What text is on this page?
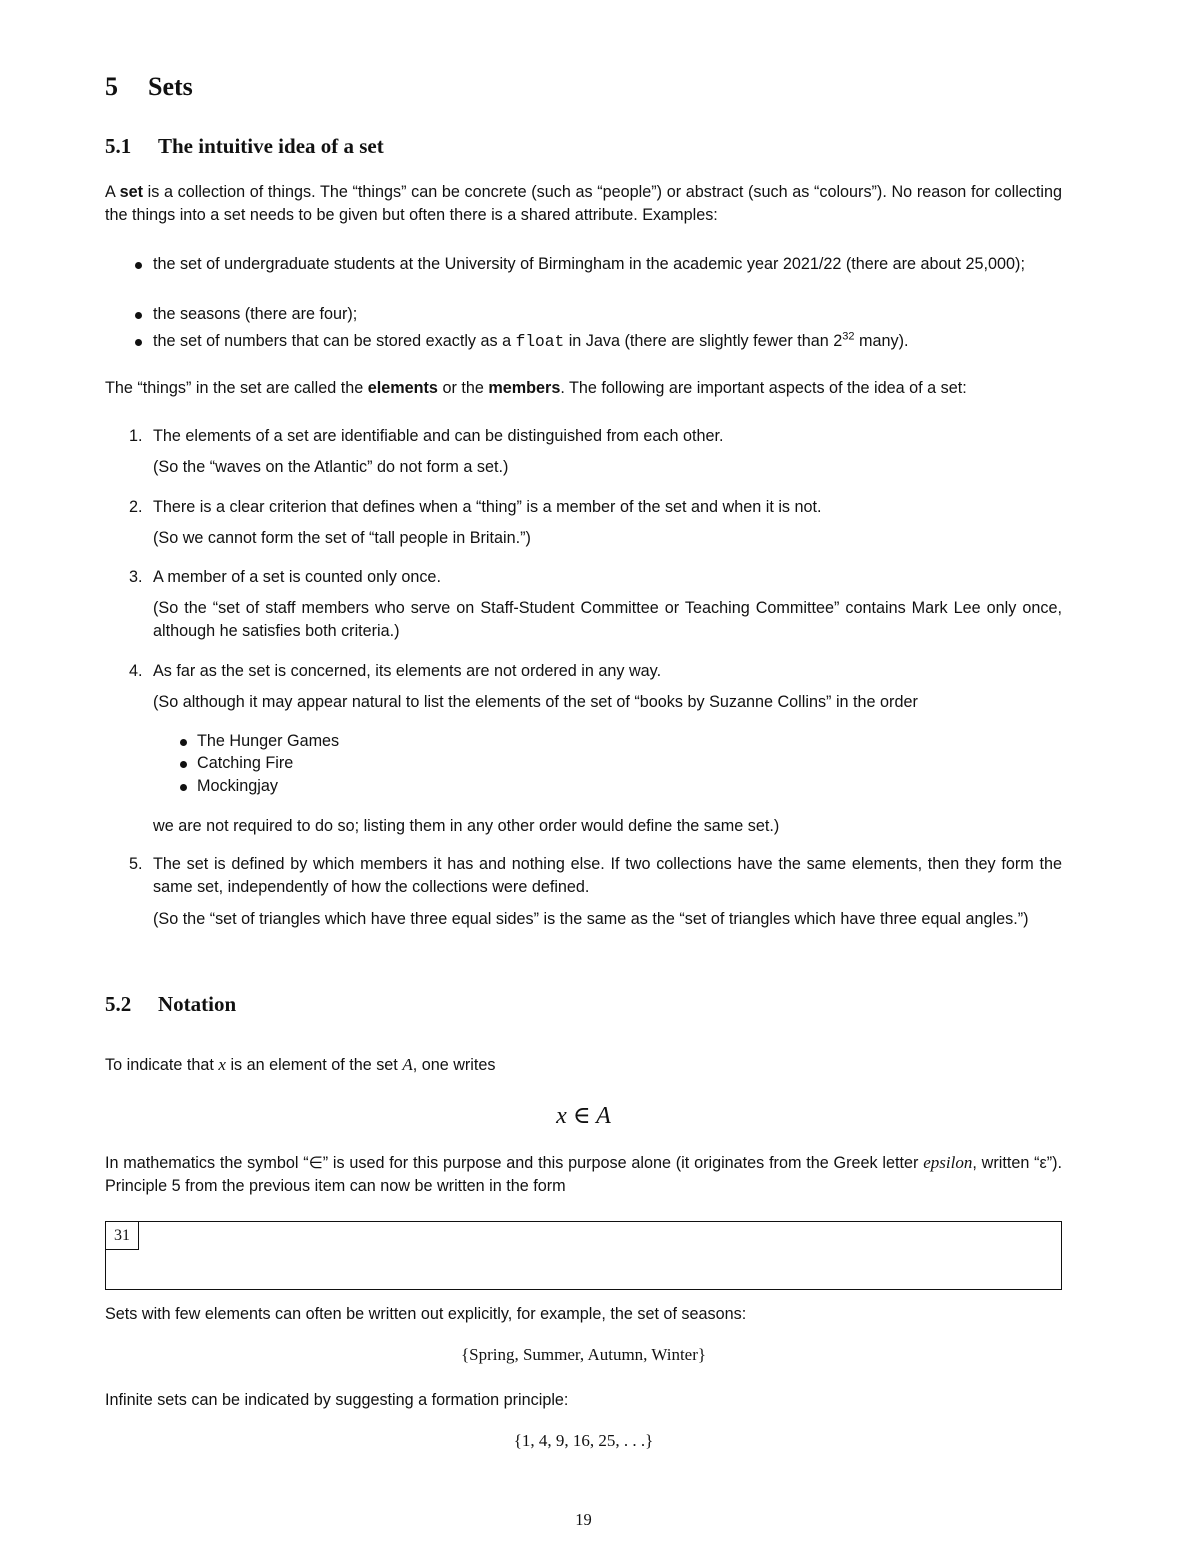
5 Sets
5.1 The intuitive idea of a set
A set is a collection of things. The “things” can be concrete (such as “people”) or abstract (such as “colours”). No reason for collecting the things into a set needs to be given but often there is a shared attribute. Examples:
the set of undergraduate students at the University of Birmingham in the academic year 2021/22 (there are about 25,000);
the seasons (there are four);
the set of numbers that can be stored exactly as a float in Java (there are slightly fewer than $2^{32}$ many).
The “things” in the set are called the elements or the members. The following are important aspects of the idea of a set:
1. The elements of a set are identifiable and can be distinguished from each other.
(So the “waves on the Atlantic” do not form a set.)
2. There is a clear criterion that defines when a “thing” is a member of the set and when it is not.
(So we cannot form the set of “tall people in Britain.”)
3. A member of a set is counted only once.
(So the “set of staff members who serve on Staff-Student Committee or Teaching Committee” contains Mark Lee only once, although he satisfies both criteria.)
4. As far as the set is concerned, its elements are not ordered in any way.
(So although it may appear natural to list the elements of the set of “books by Suzanne Collins” in the order
The Hunger Games
Catching Fire
Mockingjay
we are not required to do so; listing them in any other order would define the same set.)
5. The set is defined by which members it has and nothing else. If two collections have the same elements, then they form the same set, independently of how the collections were defined.
(So the “set of triangles which have three equal sides” is the same as the “set of triangles which have three equal angles.”)
5.2 Notation
To indicate that x is an element of the set A, one writes
x ∈ A
In mathematics the symbol “∈” is used for this purpose and this purpose alone (it originates from the Greek letter epsilon, written “ε”). Principle 5 from the previous item can now be written in the form
31
Sets with few elements can often be written out explicitly, for example, the set of seasons:
{Spring, Summer, Autumn, Winter}
Infinite sets can be indicated by suggesting a formation principle:
{1, 4, 9, 16, 25, . . .}
19
